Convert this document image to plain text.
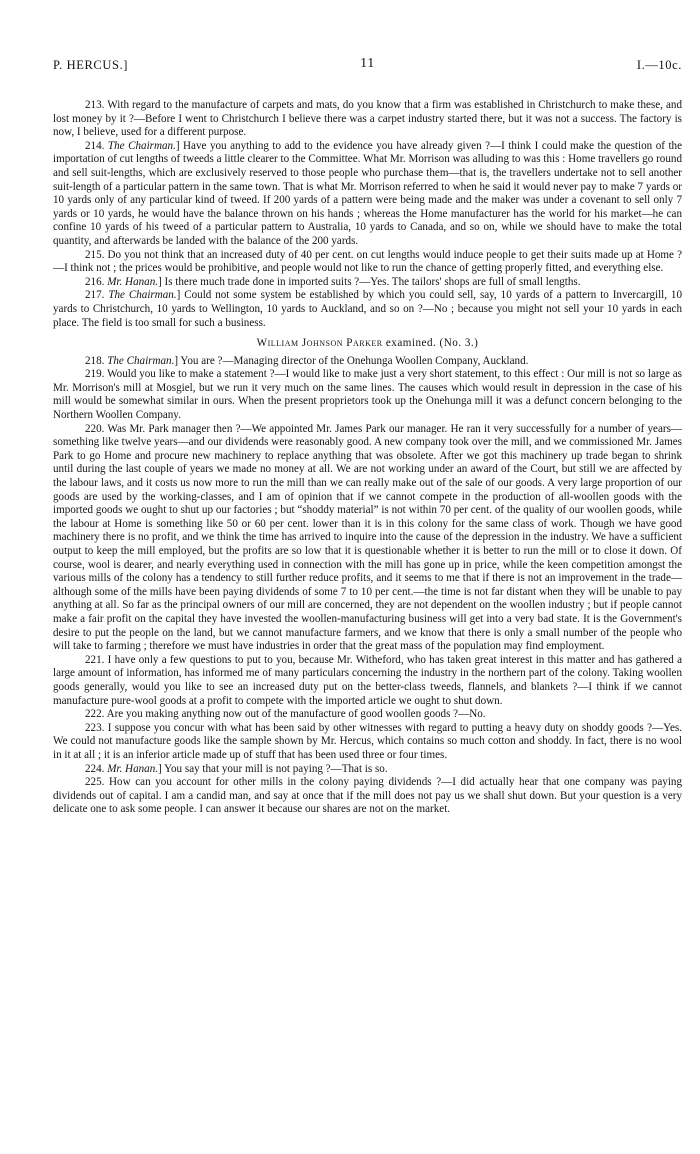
P. HERCUS.]	11	I.—10c.

213. With regard to the manufacture of carpets and mats, do you know that a firm was established in Christchurch to make these, and lost money by it ?—Before I went to Christchurch I believe there was a carpet industry started there, but it was not a success. The factory is now, I believe, used for a different purpose.

214. The Chairman.] Have you anything to add to the evidence you have already given ?—I think I could make the question of the importation of cut lengths of tweeds a little clearer to the Committee. What Mr. Morrison was alluding to was this : Home travellers go round and sell suit-lengths, which are exclusively reserved to those people who purchase them—that is, the travellers undertake not to sell another suit-length of a particular pattern in the same town. That is what Mr. Morrison referred to when he said it would never pay to make 7 yards or 10 yards only of any particular kind of tweed. If 200 yards of a pattern were being made and the maker was under a covenant to sell only 7 yards or 10 yards, he would have the balance thrown on his hands ; whereas the Home manufacturer has the world for his market—he can confine 10 yards of his tweed of a particular pattern to Australia, 10 yards to Canada, and so on, while we should have to make the total quantity, and afterwards be landed with the balance of the 200 yards.

215. Do you not think that an increased duty of 40 per cent. on cut lengths would induce people to get their suits made up at Home ?—I think not ; the prices would be prohibitive, and people would not like to run the chance of getting properly fitted, and everything else.

216. Mr. Hanan.] Is there much trade done in imported suits ?—Yes. The tailors' shops are full of small lengths.

217. The Chairman.] Could not some system be established by which you could sell, say, 10 yards of a pattern to Invercargill, 10 yards to Christchurch, 10 yards to Wellington, 10 yards to Auckland, and so on ?—No ; because you might not sell your 10 yards in each place. The field is too small for such a business.

William Johnson Parker examined. (No. 3.)

218. The Chairman.] You are ?—Managing director of the Onehunga Woollen Company, Auckland.

219. Would you like to make a statement ?—I would like to make just a very short statement, to this effect : Our mill is not so large as Mr. Morrison's mill at Mosgiel, but we run it very much on the same lines. The causes which would result in depression in the case of his mill would be somewhat similar in ours. When the present proprietors took up the Onehunga mill it was a defunct concern belonging to the Northern Woollen Company.

220. Was Mr. Park manager then ?—We appointed Mr. James Park our manager. He ran it very successfully for a number of years—something like twelve years—and our dividends were reasonably good. A new company took over the mill, and we commissioned Mr. James Park to go Home and procure new machinery to replace anything that was obsolete. After we got this machinery up trade began to shrink until during the last couple of years we made no money at all. We are not working under an award of the Court, but still we are affected by the labour laws, and it costs us now more to run the mill than we can really make out of the sale of our goods. A very large proportion of our goods are used by the working-classes, and I am of opinion that if we cannot compete in the production of all-woollen goods with the imported goods we ought to shut up our factories ; but “shoddy material” is not within 70 per cent. of the quality of our woollen goods, while the labour at Home is something like 50 or 60 per cent. lower than it is in this colony for the same class of work. Though we have good machinery there is no profit, and we think the time has arrived to inquire into the cause of the depression in the industry. We have a sufficient output to keep the mill employed, but the profits are so low that it is questionable whether it is better to run the mill or to close it down. Of course, wool is dearer, and nearly everything used in connection with the mill has gone up in price, while the keen competition amongst the various mills of the colony has a tendency to still further reduce profits, and it seems to me that if there is not an improvement in the trade—although some of the mills have been paying dividends of some 7 to 10 per cent.—the time is not far distant when they will be unable to pay anything at all. So far as the principal owners of our mill are concerned, they are not dependent on the woollen industry ; but if people cannot make a fair profit on the capital they have invested the woollen-manufacturing business will get into a very bad state. It is the Government's desire to put the people on the land, but we cannot manufacture farmers, and we know that there is only a small number of the people who will take to farming ; therefore we must have industries in order that the great mass of the population may find employment.

221. I have only a few questions to put to you, because Mr. Witheford, who has taken great interest in this matter and has gathered a large amount of information, has informed me of many particulars concerning the industry in the northern part of the colony. Taking woollen goods generally, would you like to see an increased duty put on the better-class tweeds, flannels, and blankets ?—I think if we cannot manufacture pure-wool goods at a profit to compete with the imported article we ought to shut down.

222. Are you making anything now out of the manufacture of good woollen goods ?—No.

223. I suppose you concur with what has been said by other witnesses with regard to putting a heavy duty on shoddy goods ?—Yes. We could not manufacture goods like the sample shown by Mr. Hercus, which contains so much cotton and shoddy. In fact, there is no wool in it at all ; it is an inferior article made up of stuff that has been used three or four times.

224. Mr. Hanan.] You say that your mill is not paying ?—That is so.

225. How can you account for other mills in the colony paying dividends ?—I did actually hear that one company was paying dividends out of capital. I am a candid man, and say at once that if the mill does not pay us we shall shut down. But your question is a very delicate one to ask some people. I can answer it because our shares are not on the market.
